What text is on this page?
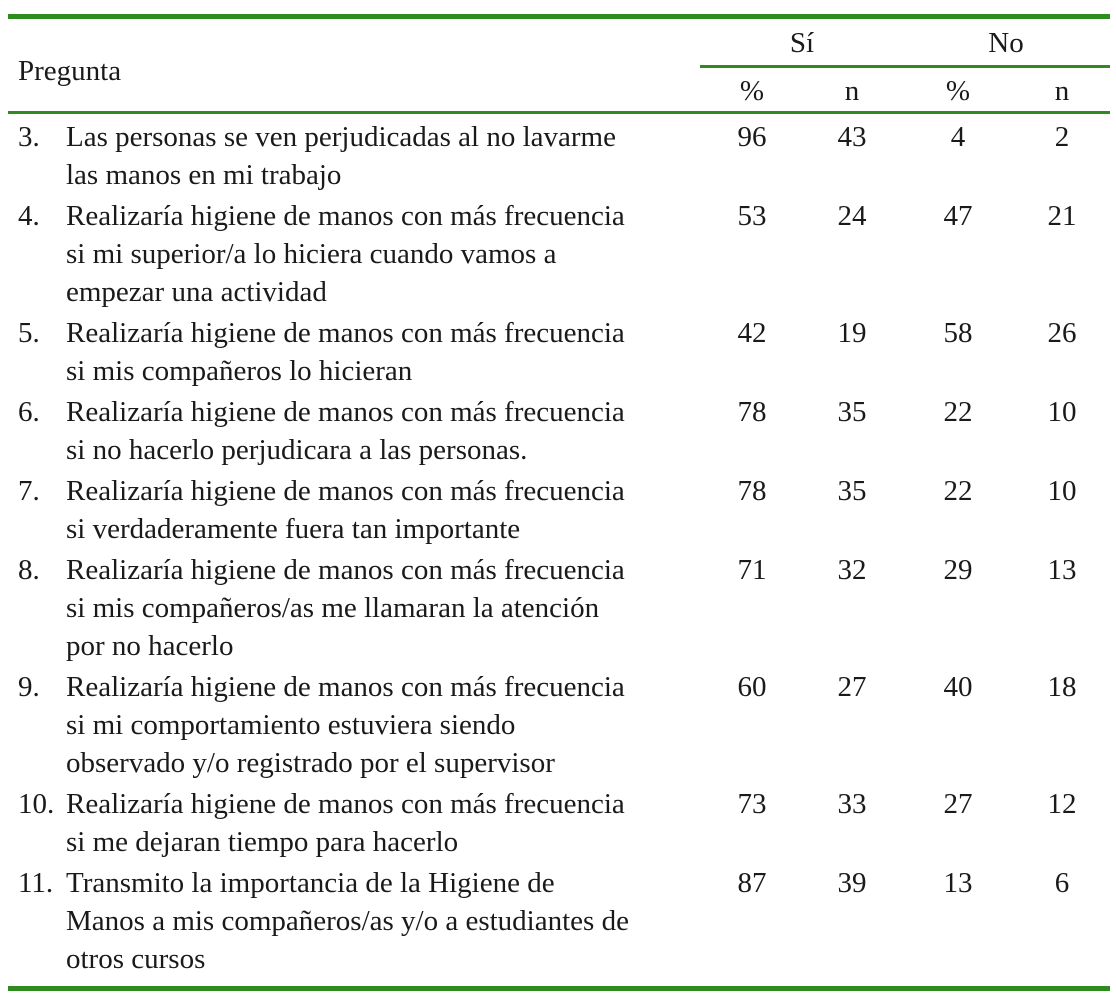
Pregunta
Sí	No
%	n	%	n
3. Las personas se ven perjudicadas al no lavarme
las manos en mi trabajo
96	43	4	2
4. Realizaría higiene de manos con más frecuencia
si mi superior/a lo hiciera cuando vamos a
empezar una actividad
53	24	47	21
5. Realizaría higiene de manos con más frecuencia
si mis compañeros lo hicieran
42	19	58	26
6. Realizaría higiene de manos con más frecuencia
si no hacerlo perjudicara a las personas.
78	35	22	10
7. Realizaría higiene de manos con más frecuencia
si verdaderamente fuera tan importante
78	35	22	10
8. Realizaría higiene de manos con más frecuencia
si mis compañeros/as me llamaran la atención
por no hacerlo
71	32	29	13
9. Realizaría higiene de manos con más frecuencia
si mi comportamiento estuviera siendo
observado y/o registrado por el supervisor
60	27	40	18
10. Realizaría higiene de manos con más frecuencia
si me dejaran tiempo para hacerlo
73	33	27	12
11. Transmito la importancia de la Higiene de
Manos a mis compañeros/as y/o a estudiantes de
otros cursos
87	39	13	6
